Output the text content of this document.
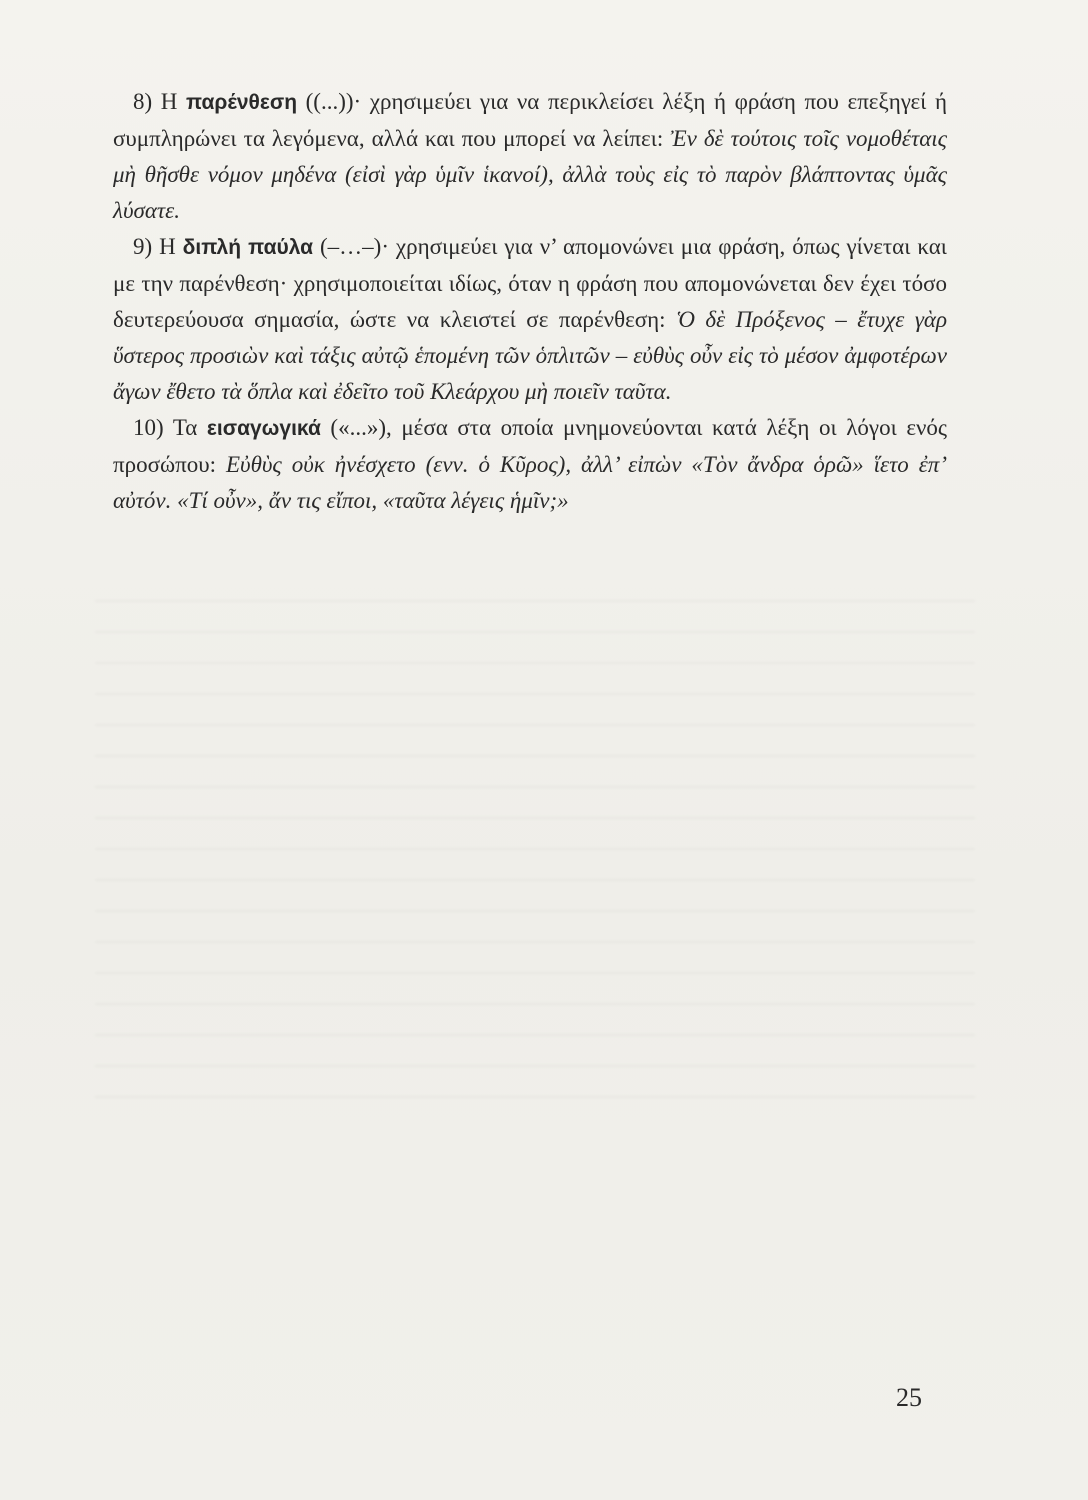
8) Η παρένθεση ((...))· χρησιμεύει για να περικλείσει λέξη ή φράση που επεξηγεί ή συμπληρώνει τα λεγόμενα, αλλά και που μπορεί να λείπει: Ἐν δὲ τούτοις τοῖς νομοθέταις μὴ θῆσθε νόμον μηδένα (εἰσὶ γὰρ ὑμῖν ἱκανοί), ἀλλὰ τοὺς εἰς τὸ παρὸν βλάπτοντας ὑμᾶς λύσατε.

9) Η διπλή παύλα (–…–)· χρησιμεύει για ν’ απομονώνει μια φράση, όπως γίνεται και με την παρένθεση· χρησιμοποιείται ιδίως, όταν η φράση που απομονώνεται δεν έχει τόσο δευτερεύουσα σημασία, ώστε να κλειστεί σε παρένθεση: Ὁ δὲ Πρόξενος – ἔτυχε γὰρ ὕστερος προσιὼν καὶ τάξις αὐτῷ ἑπομένη τῶν ὁπλιτῶν – εὐθὺς οὖν εἰς τὸ μέσον ἀμφοτέρων ἄγων ἔθετο τὰ ὅπλα καὶ ἐδεῖτο τοῦ Κλεάρχου μὴ ποιεῖν ταῦτα.

10) Τα εισαγωγικά («...»), μέσα στα οποία μνημονεύονται κατά λέξη οι λόγοι ενός προσώπου: Εὐθὺς οὐκ ἠνέσχετο (ενν. ὁ Κῦρος), ἀλλ’ εἰπὼν «Τὸν ἄνδρα ὁρῶ» ἵετο ἐπ’ αὐτόν. «Τί οὖν», ἄν τις εἴποι, «ταῦτα λέγεις ἡμῖν;»

25
